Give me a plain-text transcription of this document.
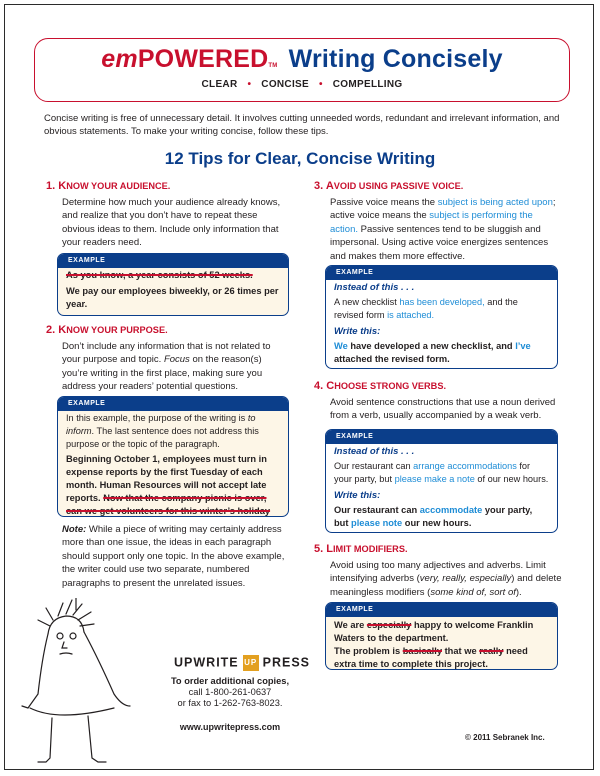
emPOWEREDTM Writing Concisely
CLEAR • CONCISE • COMPELLING
Concise writing is free of unnecessary detail. It involves cutting unneeded words, redundant and irrelevant information, and obvious statements. To make your writing concise, follow these tips.
12 Tips for Clear, Concise Writing
1. KNOW YOUR AUDIENCE.
Determine how much your audience already knows, and realize that you don’t have to repeat these obvious ideas to them. Include only information that your readers need.
EXAMPLE
As you know, a year consists of 52 weeks.
We pay our employees biweekly, or 26 times per year.
2. KNOW YOUR PURPOSE.
Don’t include any information that is not related to your purpose and topic. Focus on the reason(s) you’re writing in the first place, making sure you address your readers’ potential questions.
EXAMPLE
In this example, the purpose of the writing is to inform. The last sentence does not address this purpose or the topic of the paragraph.
Beginning October 1, employees must turn in expense reports by the first Tuesday of each month. Human Resources will not accept late reports. Now that the company picnic is over, can we get volunteers for this winter’s holiday
Note: While a piece of writing may certainly address more than one issue, the ideas in each paragraph should support only one topic. In the above example, the writer could use two separate, numbered paragraphs to present the unrelated issues.
3. AVOID USING PASSIVE VOICE.
Passive voice means the subject is being acted upon; active voice means the subject is performing the action. Passive sentences tend to be sluggish and impersonal. Using active voice energizes sentences and makes them more effective.
EXAMPLE
Instead of this . . .
A new checklist has been developed, and the revised form is attached.
Write this:
We have developed a new checklist, and I’ve attached the revised form.
4. CHOOSE STRONG VERBS.
Avoid sentence constructions that use a noun derived from a verb, usually accompanied by a weak verb.
EXAMPLE
Instead of this . . .
Our restaurant can arrange accommodations for your party, but please make a note of our new hours.
Write this:
Our restaurant can accommodate your party, but please note our new hours.
5. LIMIT MODIFIERS.
Avoid using too many adjectives and adverbs. Limit intensifying adverbs (very, really, especially) and delete meaningless modifiers (some kind of, sort of).
EXAMPLE
We are especially happy to welcome Franklin Waters to the department.
The problem is basically that we really need extra time to complete this project.
UPWRITE UP PRESS
To order additional copies,
call 1-800-261-0637
or fax to 1-262-763-8023.
www.upwritepress.com
© 2011 Sebranek Inc.
